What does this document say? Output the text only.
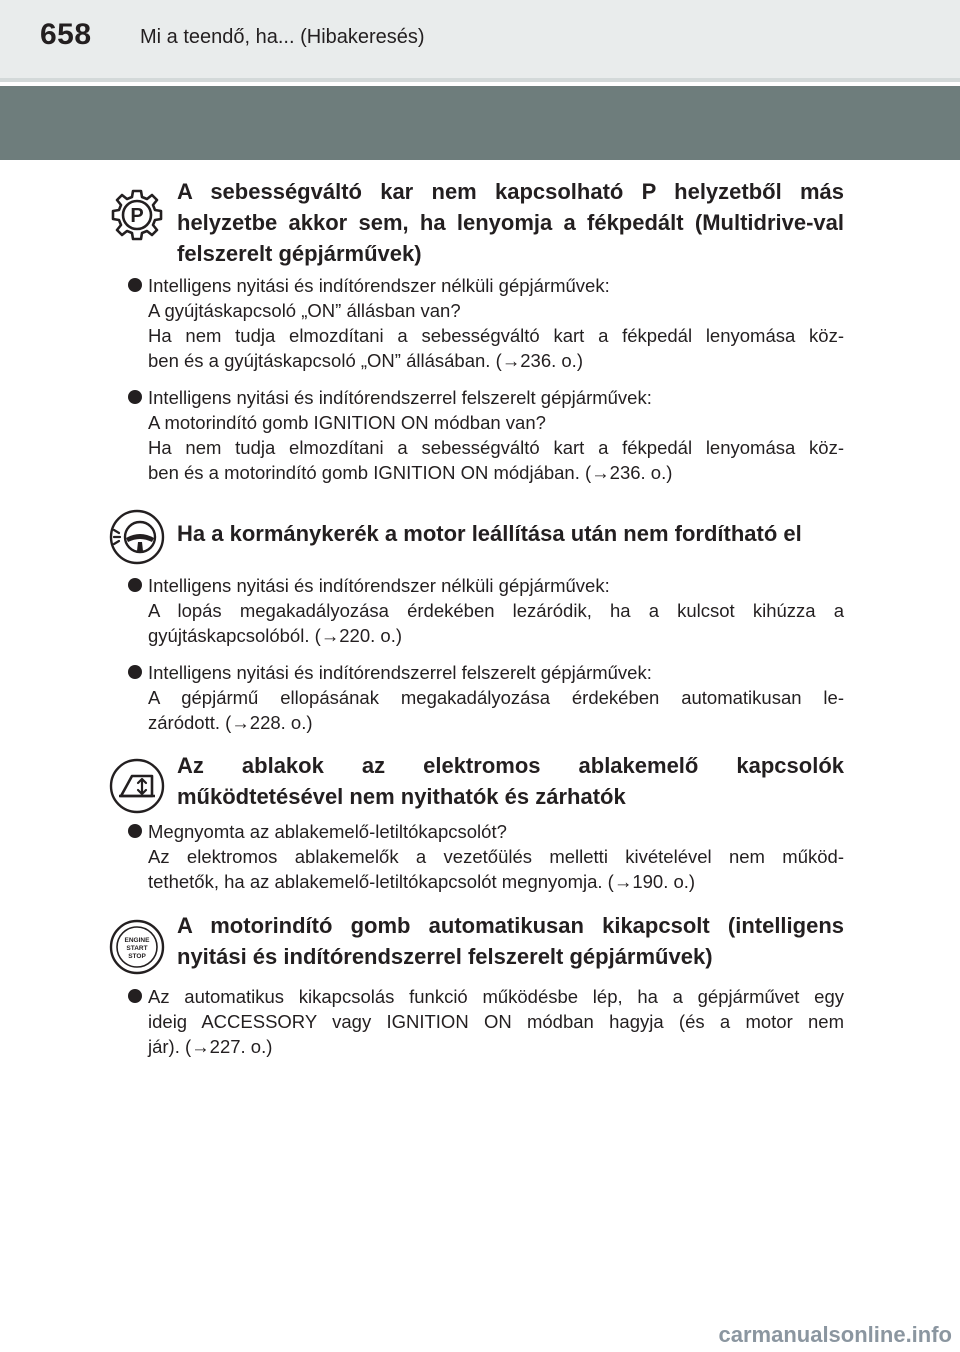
658 Mi a teendő, ha... (Hibakeresés)
P
A sebességváltó kar nem kapcsolható P helyzetből más helyzetbe akkor sem, ha lenyomja a fékpedált (Multidrive-val felszerelt gépjárművek)
Intelligens nyitási és indítórendszer nélküli gépjárművek:
A gyújtáskapcsoló „ON” állásban van?
Ha nem tudja elmozdítani a sebességváltó kart a fékpedál lenyomása köz-
ben és a gyújtáskapcsoló „ON” állásában. (→236. o.)
Intelligens nyitási és indítórendszerrel felszerelt gépjárművek:
A motorindító gomb IGNITION ON módban van?
Ha nem tudja elmozdítani a sebességváltó kart a fékpedál lenyomása köz-
ben és a motorindító gomb IGNITION ON módjában. (→236. o.)
Ha a kormánykerék a motor leállítása után nem fordítható el
Intelligens nyitási és indítórendszer nélküli gépjárművek:
A lopás megakadályozása érdekében lezáródik, ha a kulcsot kihúzza a
gyújtáskapcsolóból. (→220. o.)
Intelligens nyitási és indítórendszerrel felszerelt gépjárművek:
A gépjármű ellopásának megakadályozása érdekében automatikusan le-
záródott. (→228. o.)
Az ablakok az elektromos ablakemelő kapcsolók működtetésével nem nyithatók és zárhatók
Megnyomta az ablakemelő-letiltókapcsolót?
Az elektromos ablakemelők a vezetőülés melletti kivételével nem működ-
tethetők, ha az ablakemelő-letiltókapcsolót megnyomja. (→190. o.)
ENGINE
START
STOP
A motorindító gomb automatikusan kikapcsolt (intelligens nyitási és indítórendszerrel felszerelt gépjárművek)
Az automatikus kikapcsolás funkció működésbe lép, ha a gépjárművet egy
ideig ACCESSORY vagy IGNITION ON módban hagyja (és a motor nem
jár). (→227. o.)
carmanualsonline.info
